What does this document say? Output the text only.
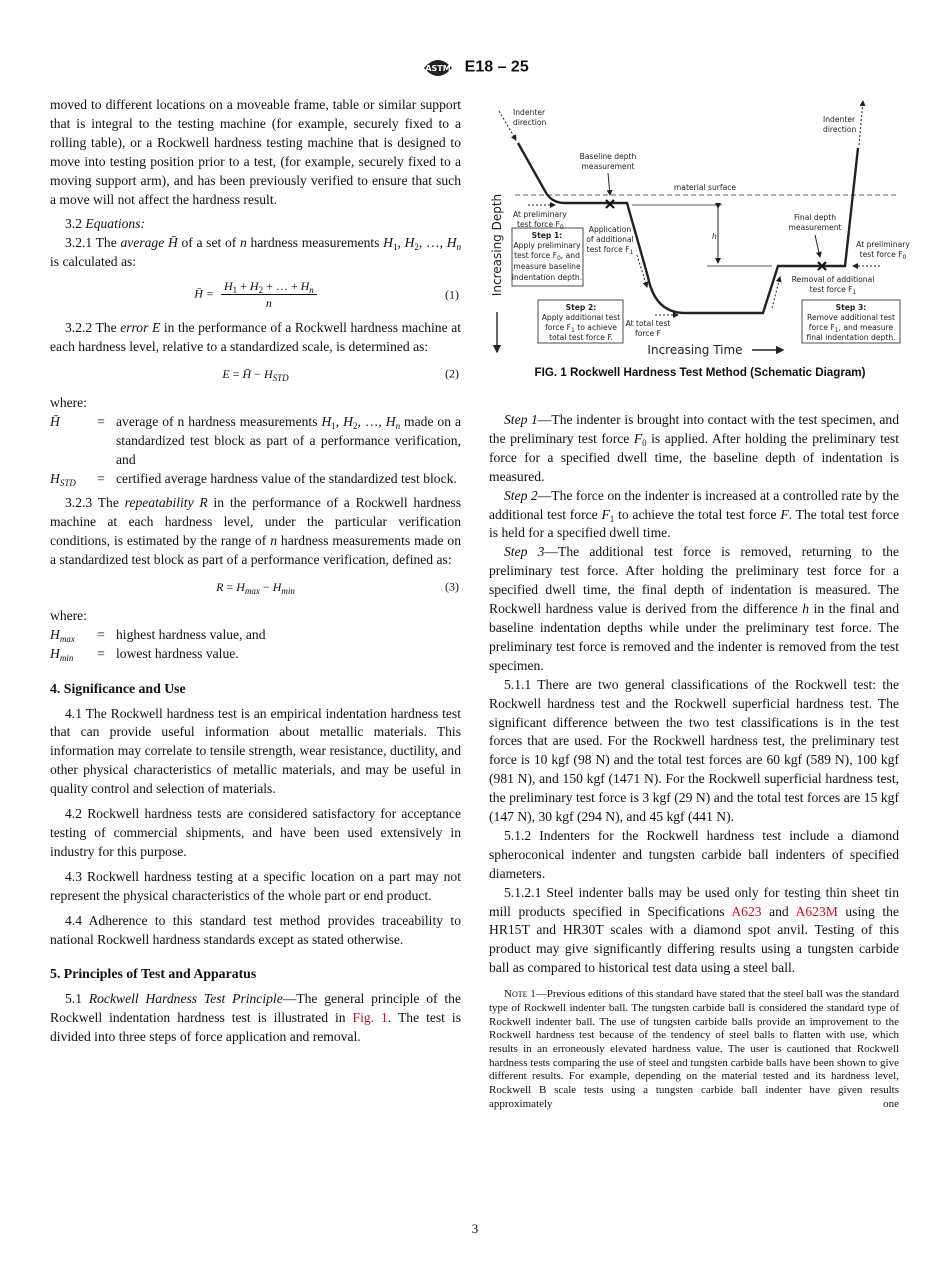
ASTM E18 – 25

moved to different locations on a moveable frame, table or similar support that is integral to the testing machine (for example, securely fixed to a rolling table), or a Rockwell hardness testing machine that is designed to move into testing position prior to a test, (for example, securely fixed to a moving support arm), and has been previously verified to ensure that such a move will not affect the hardness result.

3.2 Equations:

3.2.1 The average H̄ of a set of n hardness measurements $H_1$, $H_2$, …, $H_n$ is calculated as:

H̄ = $\frac{H_1 + H_2 + \dots + H_n}{n}$	(1)

3.2.2 The error E in the performance of a Rockwell hardness machine at each hardness level, relative to a standardized scale, is determined as:

E = H̄ − $H_{STD}$	(2)
where:
H̄	=	average of n hardness measurements $H_1$, $H_2$, …, $H_n$ made on a standardized test block as part of a performance verification, and
$H_{STD}$	=	certified average hardness value of the standardized test block.

3.2.3 The repeatability R in the performance of a Rockwell hardness machine at each hardness level, under the particular verification conditions, is estimated by the range of n hardness measurements made on a standardized test block as part of a performance verification, defined as:

$R = H_{max} - H_{min}$	(3)
where:
$H_{max}$	=	highest hardness value, and
$H_{min}$	=	lowest hardness value.
4. Significance and Use

4.1 The Rockwell hardness test is an empirical indentation hardness test that can provide useful information about metallic materials. This information may correlate to tensile strength, wear resistance, ductility, and other physical characteristics of metallic materials, and may be useful in quality control and selection of materials.

4.2 Rockwell hardness tests are considered satisfactory for acceptance testing of commercial shipments, and have been used extensively in industry for this purpose.

4.3 Rockwell hardness testing at a specific location on a part may not represent the physical characteristics of the whole part or end product.

4.4 Adherence to this standard test method provides traceability to national Rockwell hardness standards except as stated otherwise.

5. Principles of Test and Apparatus

5.1 Rockwell Hardness Test Principle—The general principle of the Rockwell indentation hardness test is illustrated in Fig. 1. The test is divided into three steps of force application and removal.

Indenter
direction	Indenter
direction
Baseline depth
measurement
material surface
At preliminary
test force $F_0$	Application
of additional
test force $F_1$
h
Final depth
measurement
At preliminary
test force $F_0$
Removal of additional
test force $F_1$
At total test
force F
Step 1:
Apply preliminary
test force $F_0$, and
measure baseline
indentation depth.
Step 2:
Apply additional test
force $F_1$ to achieve
total test force F.
Step 3:
Remove additional test
force $F_1$, and measure
final indentation depth.
Increasing Depth
Increasing Time
FIG. 1 Rockwell Hardness Test Method (Schematic Diagram)

Step 1—The indenter is brought into contact with the test specimen, and the preliminary test force $F_0$ is applied. After holding the preliminary test force for a specified dwell time, the baseline depth of indentation is measured.

Step 2—The force on the indenter is increased at a controlled rate by the additional test force $F_1$ to achieve the total test force F. The total test force is held for a specified dwell time.

Step 3—The additional test force is removed, returning to the preliminary test force. After holding the preliminary test force for a specified dwell time, the final depth of indentation is measured. The Rockwell hardness value is derived from the difference h in the final and baseline indentation depths while under the preliminary test force. The preliminary test force is removed and the indenter is removed from the test specimen.

5.1.1 There are two general classifications of the Rockwell test: the Rockwell hardness test and the Rockwell superficial hardness test. The significant difference between the two test classifications is in the test forces that are used. For the Rockwell hardness test, the preliminary test force is 10 kgf (98 N) and the total test forces are 60 kgf (589 N), 100 kgf (981 N), and 150 kgf (1471 N). For the Rockwell superficial hardness test, the preliminary test force is 3 kgf (29 N) and the total test forces are 15 kgf (147 N), 30 kgf (294 N), and 45 kgf (441 N).

5.1.2 Indenters for the Rockwell hardness test include a diamond spheroconical indenter and tungsten carbide ball indenters of specified diameters.

5.1.2.1 Steel indenter balls may be used only for testing thin sheet tin mill products specified in Specifications A623 and A623M using the HR15T and HR30T scales with a diamond spot anvil. Testing of this product may give significantly differing results using a tungsten carbide ball as compared to historical test data using a steel ball.

Note 1—Previous editions of this standard have stated that the steel ball was the standard type of Rockwell indenter ball. The tungsten carbide ball is considered the standard type of Rockwell indenter ball. The use of tungsten carbide balls provide an improvement to the Rockwell hardness test because of the tendency of steel balls to flatten with use, which results in an erroneously elevated hardness value. The user is cautioned that Rockwell hardness tests comparing the use of steel and tungsten carbide balls have been shown to give different results. For example, depending on the material tested and its hardness level, Rockwell B scale tests using a tungsten carbide ball indenter have given results approximately one

3
